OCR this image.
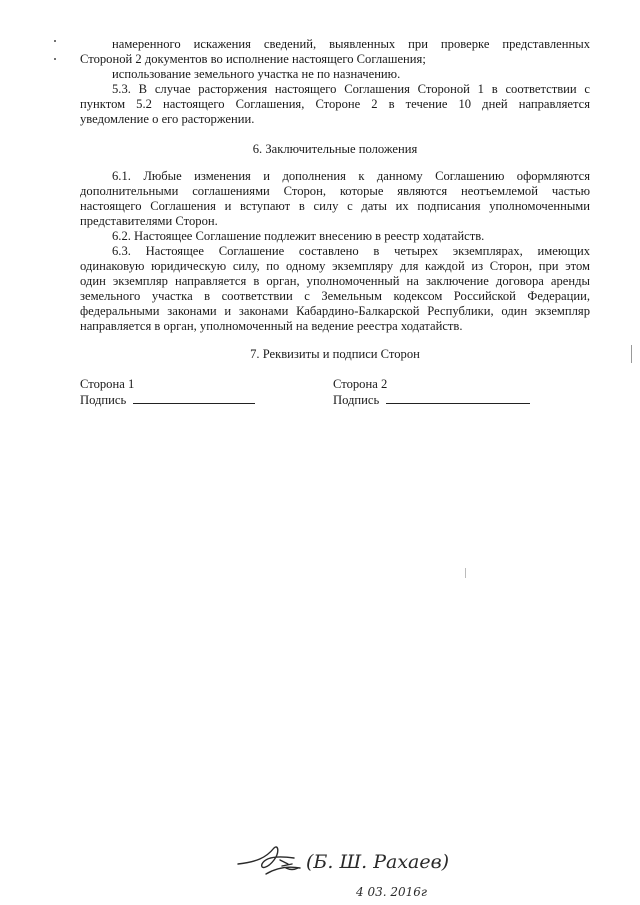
намеренного искажения сведений, выявленных при проверке представленных
Стороной 2 документов во исполнение настоящего Соглашения;
использование земельного участка не по назначению.
5.3. В случае расторжения настоящего Соглашения Стороной 1 в соответствии с
пунктом 5.2 настоящего Соглашения, Стороне 2 в течение 10 дней направляется
уведомление о его расторжении.
6. Заключительные положения
6.1. Любые изменения и дополнения к данному Соглашению оформляются
дополнительными соглашениями Сторон, которые являются неотъемлемой частью
настоящего Соглашения и вступают в силу с даты их подписания уполномоченными
представителями Сторон.
6.2. Настоящее Соглашение подлежит внесению в реестр ходатайств.
6.3. Настоящее Соглашение составлено в четырех экземплярах, имеющих
одинаковую юридическую силу, по одному экземпляру для каждой из Сторон, при этом
один экземпляр направляется в орган, уполномоченный на заключение договора аренды
земельного участка в соответствии с Земельным кодексом Российской Федерации,
федеральными законами и законами Кабардино-Балкарской Республики, один экземпляр
направляется в орган, уполномоченный на ведение реестра ходатайств.
7. Реквизиты и подписи Сторон
Сторона 1
Подпись
Сторона 2
Подпись
(Б. Ш. Рахаев)
4 03. 2016г
